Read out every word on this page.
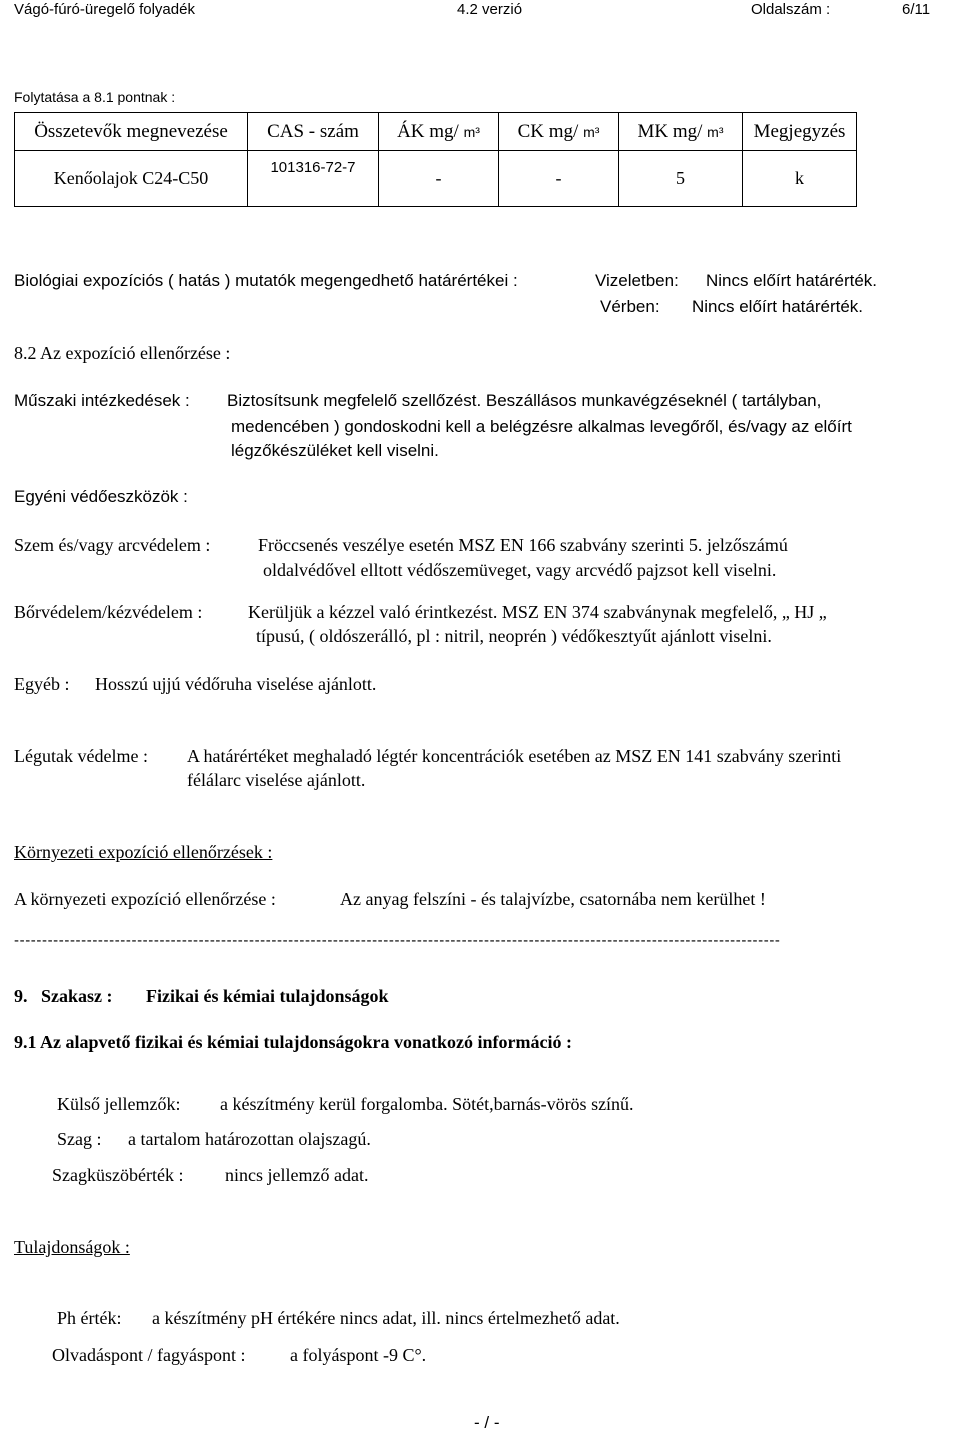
Vágó-fúró-üregelő folyadék	4.2 verzió	Oldalszám :	6/11
Folytatása a 8.1 pontnak :
Összetevők megnevezése	CAS - szám	ÁK mg/ m³	CK mg/ m³	MK mg/ m³	Megjegyzés
Kenőolajok C24-C50	101316-72-7	-	-	5	k
Biológiai expozíciós ( hatás ) mutatók megengedhető határértékei :	Vizeletben: Nincs előírt határérték.
Vérben: Nincs előírt határérték.
8.2 Az expozíció ellenőrzése :
Műszaki intézkedések : Biztosítsunk megfelelő szellőzést. Beszállásos munkavégzéseknél ( tartályban,
medencében ) gondoskodni kell a belégzésre alkalmas levegőről, és/vagy az előírt
légzőkészüléket kell viselni.
Egyéni védőeszközök :
Szem és/vagy arcvédelem :	Fröccsenés veszélye esetén MSZ EN 166 szabvány szerinti 5. jelzőszámú
oldalvédővel elltott védőszemüveget, vagy arcvédő pajzsot kell viselni.
Bőrvédelem/kézvédelem :	Kerüljük a kézzel való érintkezést. MSZ EN 374 szabványnak megfelelő, „ HJ „
típusú, ( oldószerálló, pl : nitril, neoprén ) védőkesztyűt ajánlott viselni.
Egyéb : Hosszú ujjú védőruha viselése ajánlott.
Légutak védelme : A határértéket meghaladó légtér koncentrációk esetében az MSZ EN 141 szabvány szerinti
félálarc viselése ajánlott.
Környezeti expozíció ellenőrzések :
A környezeti expozíció ellenőrzése :	Az anyag felszíni - és talajvízbe, csatornába nem kerülhet !
-----------------------------------------------------------------------------------------------------------------------------------------
9. Szakasz : Fizikai és kémiai tulajdonságok
9.1 Az alapvető fizikai és kémiai tulajdonságokra vonatkozó információ :
Külső jellemzők: a készítmény kerül forgalomba. Sötét,barnás-vörös színű.
Szag : a tartalom határozottan olajszagú.
Szagküszöbérték : nincs jellemző adat.
Tulajdonságok :
Ph érték: a készítmény pH értékére nincs adat, ill. nincs értelmezhető adat.
Olvadáspont / fagyáspont : a folyáspont -9 C°.
- / -
